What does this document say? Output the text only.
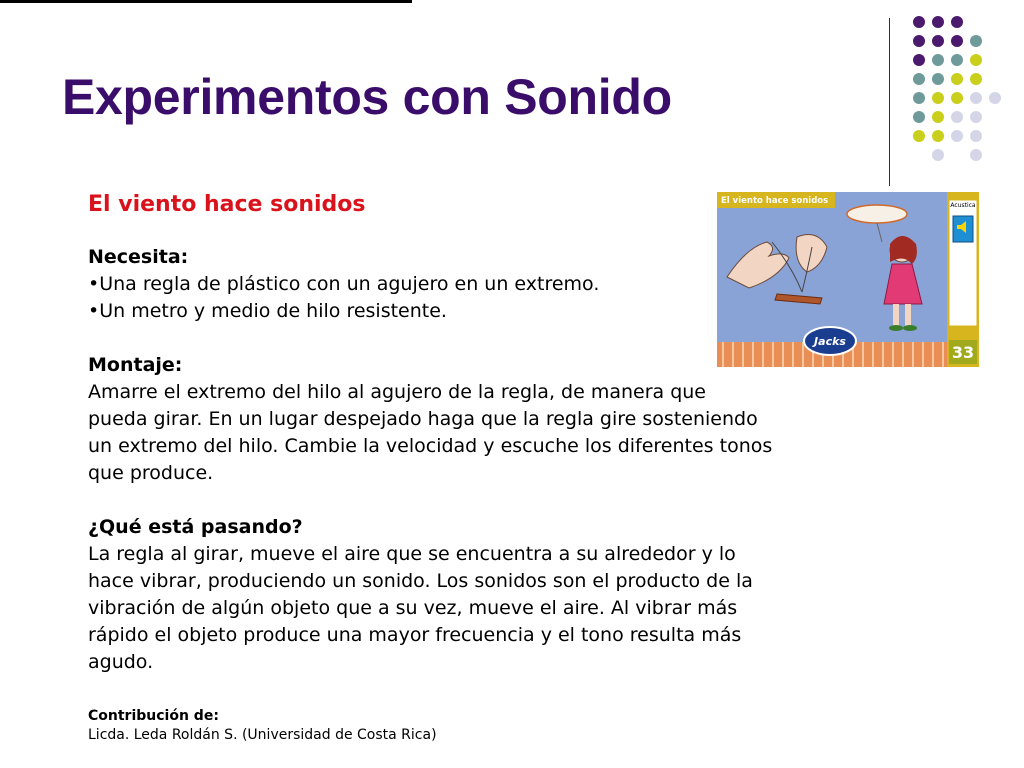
Experimentos con Sonido
El viento hace sonidos
Necesita:
•Una regla de plástico con un agujero en un extremo.
•Un metro y medio de hilo resistente.
Montaje:
Amarre el extremo del hilo al agujero de la regla, de manera que
pueda girar. En un lugar despejado haga que la regla gire sosteniendo
un extremo del hilo. Cambie la velocidad y escuche los diferentes tonos
que produce.
¿Qué está pasando?
La regla al girar, mueve el aire que se encuentra a su alrededor y lo
hace vibrar, produciendo un sonido. Los sonidos son el producto de la
vibración de algún objeto que a su vez, mueve el aire. Al vibrar más
rápido el objeto produce una mayor frecuencia y el tono resulta más
agudo.
Contribución de:
Licda. Leda Roldán S. (Universidad de Costa Rica)
Acustica
33
El viento hace sonidos
Jacks
